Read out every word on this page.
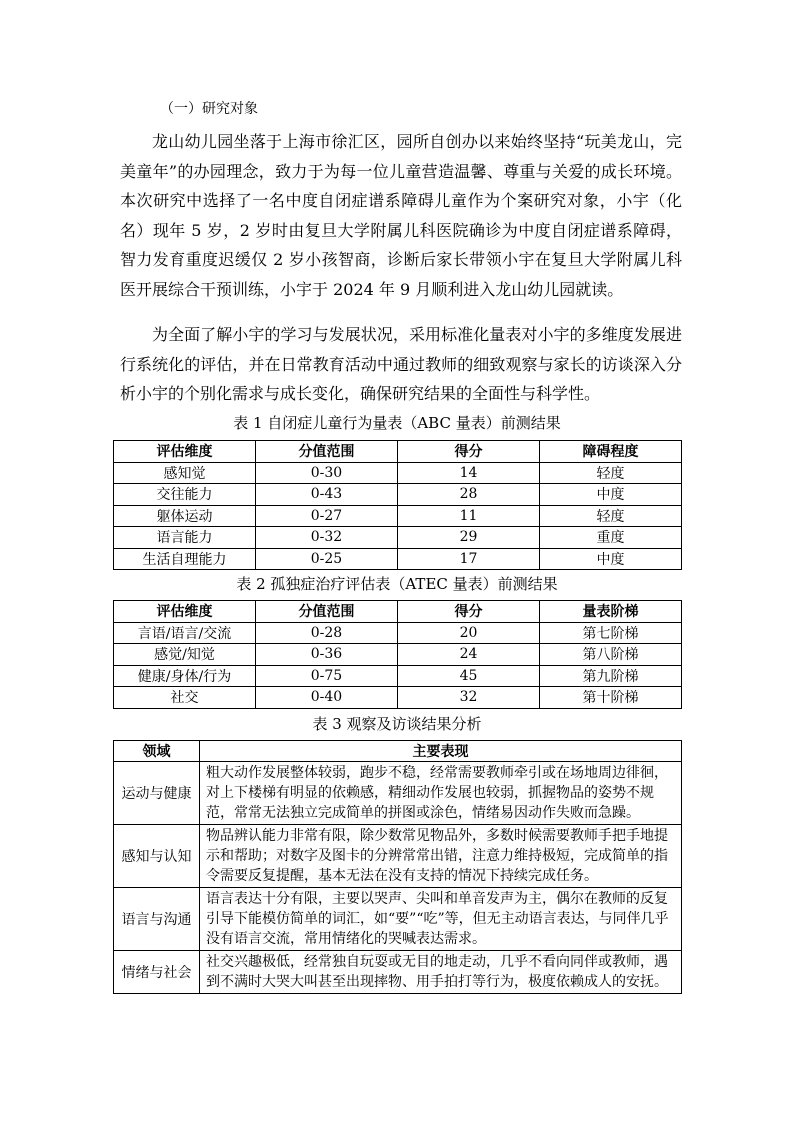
（一）研究对象

龙山幼儿园坐落于上海市徐汇区，园所自创办以来始终坚持“玩美龙山，完美童年”的办园理念，致力于为每一位儿童营造温馨、尊重与关爱的成长环境。本次研究中选择了一名中度自闭症谱系障碍儿童作为个案研究对象，小宇（化名）现年 5 岁，2 岁时由复旦大学附属儿科医院确诊为中度自闭症谱系障碍，智力发育重度迟缓仅 2 岁小孩智商，诊断后家长带领小宇在复旦大学附属儿科医开展综合干预训练，小宇于 2024 年 9 月顺利进入龙山幼儿园就读。

为全面了解小宇的学习与发展状况，采用标准化量表对小宇的多维度发展进行系统化的评估，并在日常教育活动中通过教师的细致观察与家长的访谈深入分析小宇的个别化需求与成长变化，确保研究结果的全面性与科学性。

表 1 自闭症儿童行为量表（ABC 量表）前测结果
评估维度	分值范围	得分	障碍程度
感知觉	0-30	14	轻度
交往能力	0-43	28	中度
躯体运动	0-27	11	轻度
语言能力	0-32	29	重度
生活自理能力	0-25	17	中度
表 2 孤独症治疗评估表（ATEC 量表）前测结果
评估维度	分值范围	得分	量表阶梯
言语/语言/交流	0-28	20	第七阶梯
感觉/知觉	0-36	24	第八阶梯
健康/身体/行为	0-75	45	第九阶梯
社交	0-40	32	第十阶梯
表 3 观察及访谈结果分析
领域	主要表现
运动与健康	粗大动作发展整体较弱，跑步不稳，经常需要教师牵引或在场地周边徘徊，对上下楼梯有明显的依赖感，精细动作发展也较弱，抓握物品的姿势不规范，常常无法独立完成简单的拼图或涂色，情绪易因动作失败而急躁。
感知与认知	物品辨认能力非常有限，除少数常见物品外，多数时候需要教师手把手地提示和帮助；对数字及图卡的分辨常常出错，注意力维持极短，完成简单的指令需要反复提醒，基本无法在没有支持的情况下持续完成任务。
语言与沟通	语言表达十分有限，主要以哭声、尖叫和单音发声为主，偶尔在教师的反复引导下能模仿简单的词汇，如“要”“吃”等，但无主动语言表达，与同伴几乎没有语言交流，常用情绪化的哭喊表达需求。
情绪与社会	社交兴趣极低，经常独自玩耍或无目的地走动，几乎不看向同伴或教师，遇到不满时大哭大叫甚至出现摔物、用手拍打等行为，极度依赖成人的安抚。
